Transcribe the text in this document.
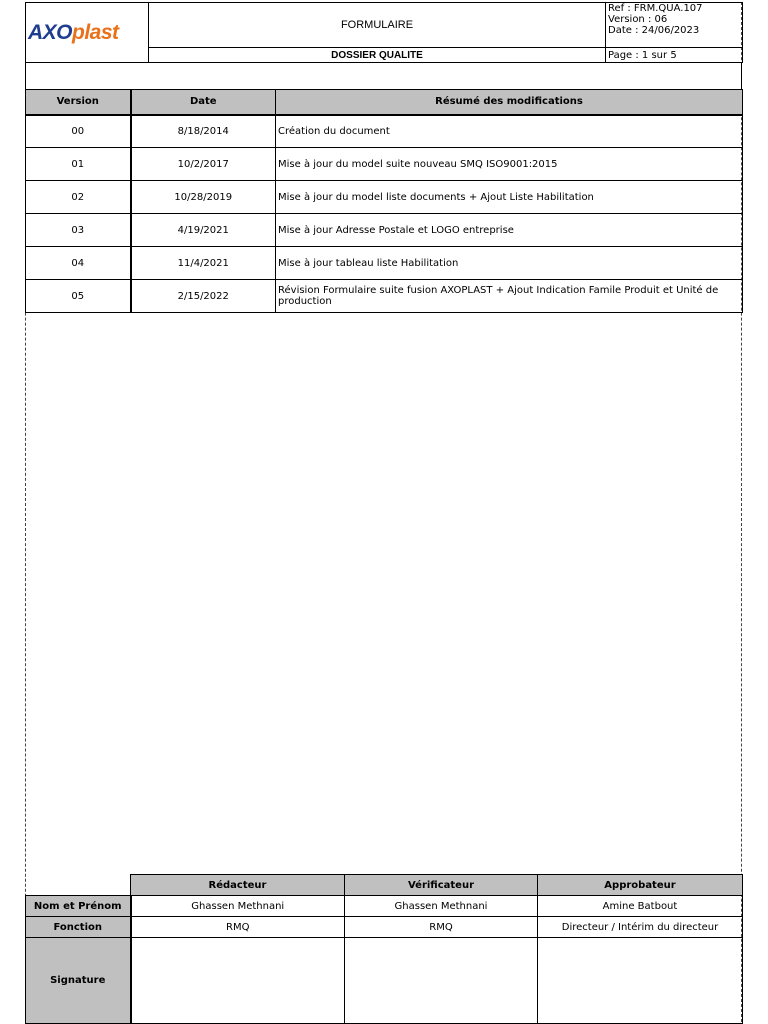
AXOplast	FORMULAIRE	Ref : FRM.QUA.107
Version : 06
Date : 24/06/2023

	DOSSIER QUALITE	Page : 1 sur 5
Version	Date	Résumé des modifications
00	8/18/2014	Création du document
01	10/2/2017	Mise à jour du model suite nouveau SMQ ISO9001:2015
02	10/28/2019	Mise à jour du model liste documents + Ajout Liste Habilitation
03	4/19/2021	Mise à jour Adresse Postale et LOGO entreprise
04	11/4/2021	Mise à jour tableau liste Habilitation
05	2/15/2022	Révision Formulaire suite fusion AXOPLAST + Ajout Indication Famile Produit et Unité de production
	Rédacteur	Vérificateur	Approbateur
Nom et Prénom	Ghassen Methnani	Ghassen Methnani	Amine Batbout
Fonction	RMQ	RMQ	Directeur / Intérim du directeur
Signature			
